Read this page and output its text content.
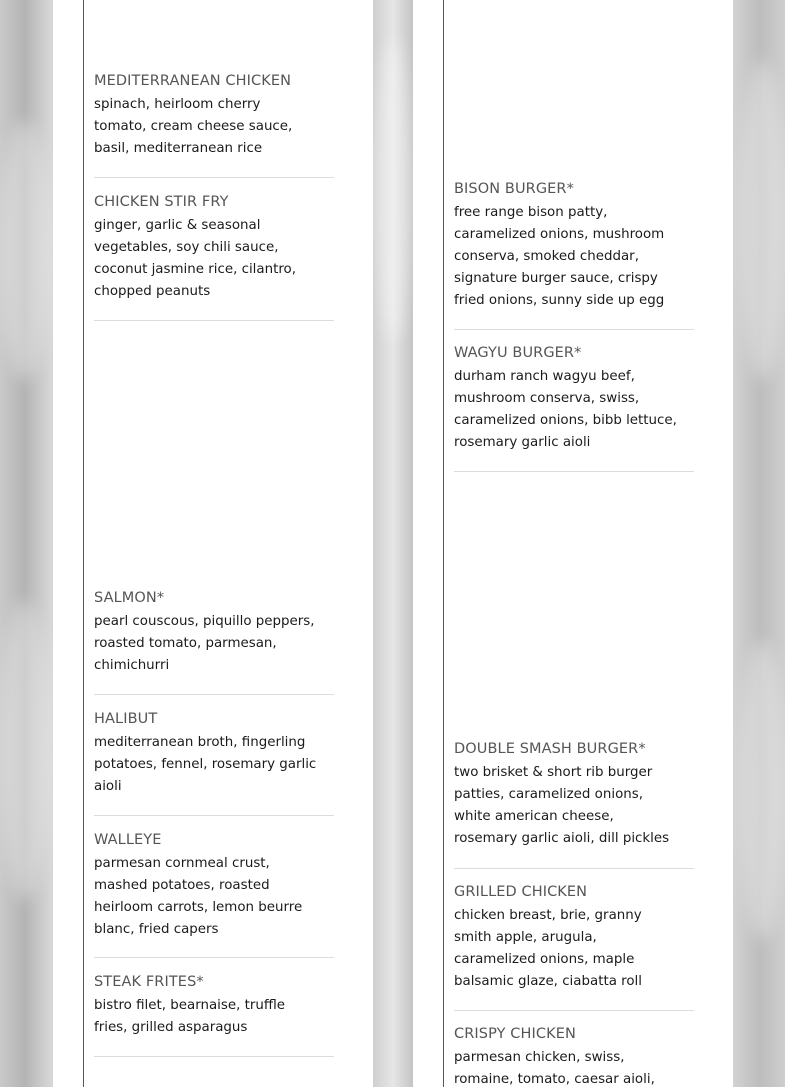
MEDITERRANEAN CHICKEN
spinach, heirloom cherry
tomato, cream cheese sauce,
basil, mediterranean rice
CHICKEN STIR FRY
ginger, garlic & seasonal
vegetables, soy chili sauce,
coconut jasmine rice, cilantro,
chopped peanuts
SALMON*
pearl couscous, piquillo peppers,
roasted tomato, parmesan,
chimichurri
HALIBUT
mediterranean broth, fingerling
potatoes, fennel, rosemary garlic
aioli
WALLEYE
parmesan cornmeal crust,
mashed potatoes, roasted
heirloom carrots, lemon beurre
blanc, fried capers
STEAK FRITES*
bistro filet, bearnaise, truffle
fries, grilled asparagus
BISON BURGER*
free range bison patty,
caramelized onions, mushroom
conserva, smoked cheddar,
signature burger sauce, crispy
fried onions, sunny side up egg
WAGYU BURGER*
durham ranch wagyu beef,
mushroom conserva, swiss,
caramelized onions, bibb lettuce,
rosemary garlic aioli
DOUBLE SMASH BURGER*
two brisket & short rib burger
patties, caramelized onions,
white american cheese,
rosemary garlic aioli, dill pickles
GRILLED CHICKEN
chicken breast, brie, granny
smith apple, arugula,
caramelized onions, maple
balsamic glaze, ciabatta roll
CRISPY CHICKEN
parmesan chicken, swiss,
romaine, tomato, caesar aioli,
